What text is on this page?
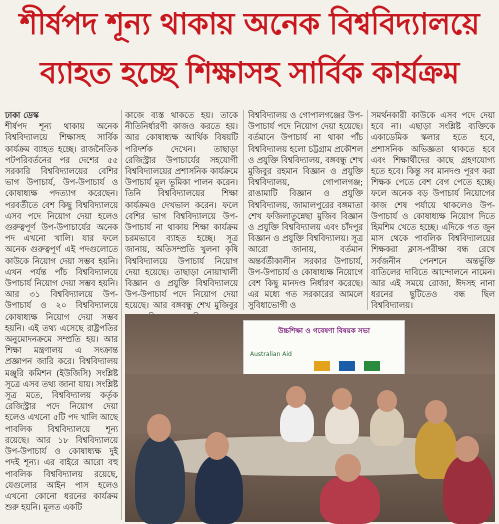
শীর্ষপদ শূন্য থাকায় অনেক বিশ্ববিদ্যালয়ে
ব্যাহত হচ্ছে শিক্ষাসহ সার্বিক কার্যক্রম

ঢাকা ডেস্ক

শীর্ষপদ শূন্য থাকায় অনেক বিশ্ববিদ্যালয়ে শিক্ষাসহ সার্বিক কার্যক্রম ব্যাহত হচ্ছে। রাজনৈতিক পটপরিবর্তনের পর দেশের ৫৫ সরকারি বিশ্ববিদ্যালয়ের বেশির ভাগ উপাচার্য, উপ-উপাচার্য ও কোষাধ্যক্ষ পদত্যাগ করেছেন। পরবর্তীতে বেশ কিছু বিশ্ববিদ্যালয়ে এসব পদে নিয়োগ দেয়া হলেও গুরুত্বপূর্ণ উপ-উপাচার্যের অনেক পদ এখনো খালি। যার ফলে অনেক গুরুত্বপূর্ণ এই পদগুলোতে কাউকে নিয়োগ দেয়া সম্ভব হয়নি। এখন পর্যন্ত পাঁচ বিশ্ববিদ্যালয়ে উপাচার্য নিয়োগ দেয়া সম্ভব হয়নি। আর ৩১ বিশ্ববিদ্যালয়ে উপ-উপাচার্য ও ২০ বিশ্ববিদ্যালয়ে কোষাধ্যক্ষ নিয়োগ দেয়া সম্ভব হয়নি। এই তথ্য এসেছে রাষ্ট্রপতির অনুমোদনক্রমে সম্প্রতি হয়। আর শিক্ষা মন্ত্রণালয় এ সংক্রান্ত প্রজ্ঞাপন জারি করে। বিশ্ববিদ্যালয় মঞ্জুরি কমিশন (ইউজিসি) সংশ্লিষ্ট সূত্রে এসব তথ্য জানা যায়। সংশ্লিষ্ট সূত্র মতে, বিশ্ববিদ্যালয় কর্তৃক রেজিস্ট্রার পদে নিয়োগ দেয়া হলেও এখনো ৫টি পদ খালি আছে পাবলিক বিশ্ববিদ্যালয়ে শূন্য রয়েছে। আর ১৮ বিশ্ববিদ্যালয়ে উপ-উপাচার্য ও কোষাধ্যক্ষ দুই পদই শূন্য। এর বাইরে আরো বহু পাবলিক বিশ্ববিদ্যালয় রয়েছে, যেগুলোর আইন পাস হলেও এখনো কোনো ধরনের কার্যক্রম শুরু হয়নি। মূলত একটি

কাজে ব্যস্ত থাকতে হয়। তাকে নীতিনির্ধারণী কাজও করতে হয়। আর কোষাধ্যক্ষ আর্থিক বিষয়টি পরিদর্শক দেখেন। তাছাড়া রেজিস্ট্রার উপাচার্যের সহযোগী বিশ্ববিদ্যালয়ের প্রশাসনিক কার্যক্রমে উপাচার্য মূল ভূমিকা পালন করেন। তিনি বিশ্ববিদ্যালয়ের শিক্ষা কার্যক্রমও দেখভাল করেন। ফলে বেশির ভাগ বিশ্ববিদ্যালয়ে উপ-উপাচার্য না থাকায় শিক্ষা কার্যক্রম চরমভাবে ব্যাহত হচ্ছে। সূত্র জানায়, অতিসম্প্রতি খুলনা কৃষি বিশ্ববিদ্যালয়ে উপাচার্য নিয়োগ দেয়া হয়েছে। তাছাড়া নোয়াখালী বিজ্ঞান ও প্রযুক্তি বিশ্ববিদ্যালয়ে উপ-উপাচার্য পদে নিয়োগ দেয়া হয়েছে। আর বঙ্গবন্ধু শেখ মুজিবুর

বিশ্ববিদ্যালয় ও গোপালগঞ্জের উপ-উপাচার্য পদে নিয়োগ দেয়া হয়েছে। বর্তমানে উপাচার্য না থাকা পাঁচ বিশ্ববিদ্যালয় হলো চট্টগ্রাম প্রকৌশল ও প্রযুক্তি বিশ্ববিদ্যালয়, বঙ্গবন্ধু শেখ মুজিবুর রহমান বিজ্ঞান ও প্রযুক্তি বিশ্ববিদ্যালয়, গোপালগঞ্জ; রাঙামাটি বিজ্ঞান ও প্রযুক্তি বিশ্ববিদ্যালয়, জামালপুরের বঙ্গমাতা শেখ ফজিলাতুন্নেছা মুজিব বিজ্ঞান ও প্রযুক্তি বিশ্ববিদ্যালয় এবং চাঁদপুর বিজ্ঞান ও প্রযুক্তি বিশ্ববিদ্যালয়। সূত্র আরো জানায়, বর্তমান অন্তর্বর্তীকালীন সরকার উপাচার্য, উপ-উপাচার্য ও কোষাধ্যক্ষ নিয়োগে বেশ কিছু মানদণ্ড নির্ধারণ করেছে। এর মধ্যে গত সরকারের আমলে সুবিধাভোগী ও

সমর্থনকারী কাউকে এসব পদে দেয়া হবে না। এছাড়া সংশ্লিষ্ট ব্যক্তিকে একাডেমিক স্কলার হতে হবে, প্রশাসনিক অভিজ্ঞতা থাকতে হবে এবং শিক্ষার্থীদের কাছে গ্রহণযোগ্য হতে হবে। কিন্তু সব মানদণ্ড পূরণ করা শিক্ষক পেতে বেশ বেগ পেতে হচ্ছে। ফলে অনেক বড় উপাচার্য নিয়োগের কাজ শেষ পর্যায়ে থাকলেও উপ-উপাচার্য ও কোষাধ্যক্ষ নিয়োগ দিতে হিমশিম খেতে হচ্ছে। এদিকে গত জুন মাস থেকে পাবলিক বিশ্ববিদ্যালয়ের শিক্ষকরা ক্লাস-পরীক্ষা বন্ধ রেখে সর্বজনীন পেনশনে অন্তর্ভুক্তি বাতিলের দাবিতে আন্দোলনে নামেন। আর এই সময়ে রোজা, ঈদসহ নানা ধরনের ছুটিতেও বন্ধ ছিল বিশ্ববিদ্যালয়।

উচ্চশিক্ষা ও গবেষণা বিষয়ক সভা
Australian Aid
